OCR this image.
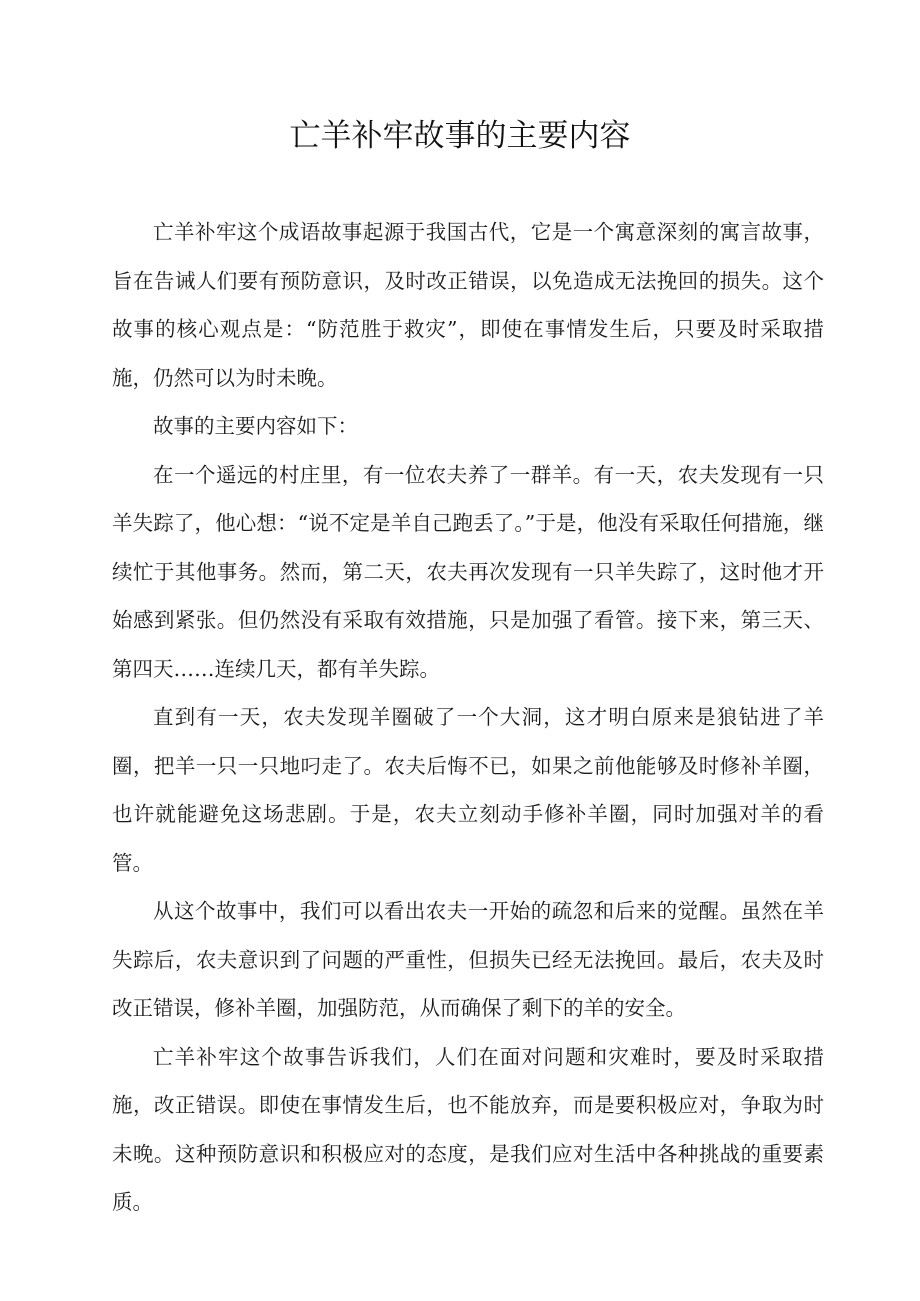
亡羊补牢故事的主要内容

亡羊补牢这个成语故事起源于我国古代，它是一个寓意深刻的寓言故事，旨在告诫人们要有预防意识，及时改正错误，以免造成无法挽回的损失。这个故事的核心观点是：“防范胜于救灾”，即使在事情发生后，只要及时采取措施，仍然可以为时未晚。

故事的主要内容如下：

在一个遥远的村庄里，有一位农夫养了一群羊。有一天，农夫发现有一只羊失踪了，他心想：“说不定是羊自己跑丢了。”于是，他没有采取任何措施，继续忙于其他事务。然而，第二天，农夫再次发现有一只羊失踪了，这时他才开始感到紧张。但仍然没有采取有效措施，只是加强了看管。接下来，第三天、第四天……连续几天，都有羊失踪。

直到有一天，农夫发现羊圈破了一个大洞，这才明白原来是狼钻进了羊圈，把羊一只一只地叼走了。农夫后悔不已，如果之前他能够及时修补羊圈，也许就能避免这场悲剧。于是，农夫立刻动手修补羊圈，同时加强对羊的看管。

从这个故事中，我们可以看出农夫一开始的疏忽和后来的觉醒。虽然在羊失踪后，农夫意识到了问题的严重性，但损失已经无法挽回。最后，农夫及时改正错误，修补羊圈，加强防范，从而确保了剩下的羊的安全。

亡羊补牢这个故事告诉我们，人们在面对问题和灾难时，要及时采取措施，改正错误。即使在事情发生后，也不能放弃，而是要积极应对，争取为时未晚。这种预防意识和积极应对的态度，是我们应对生活中各种挑战的重要素质。
